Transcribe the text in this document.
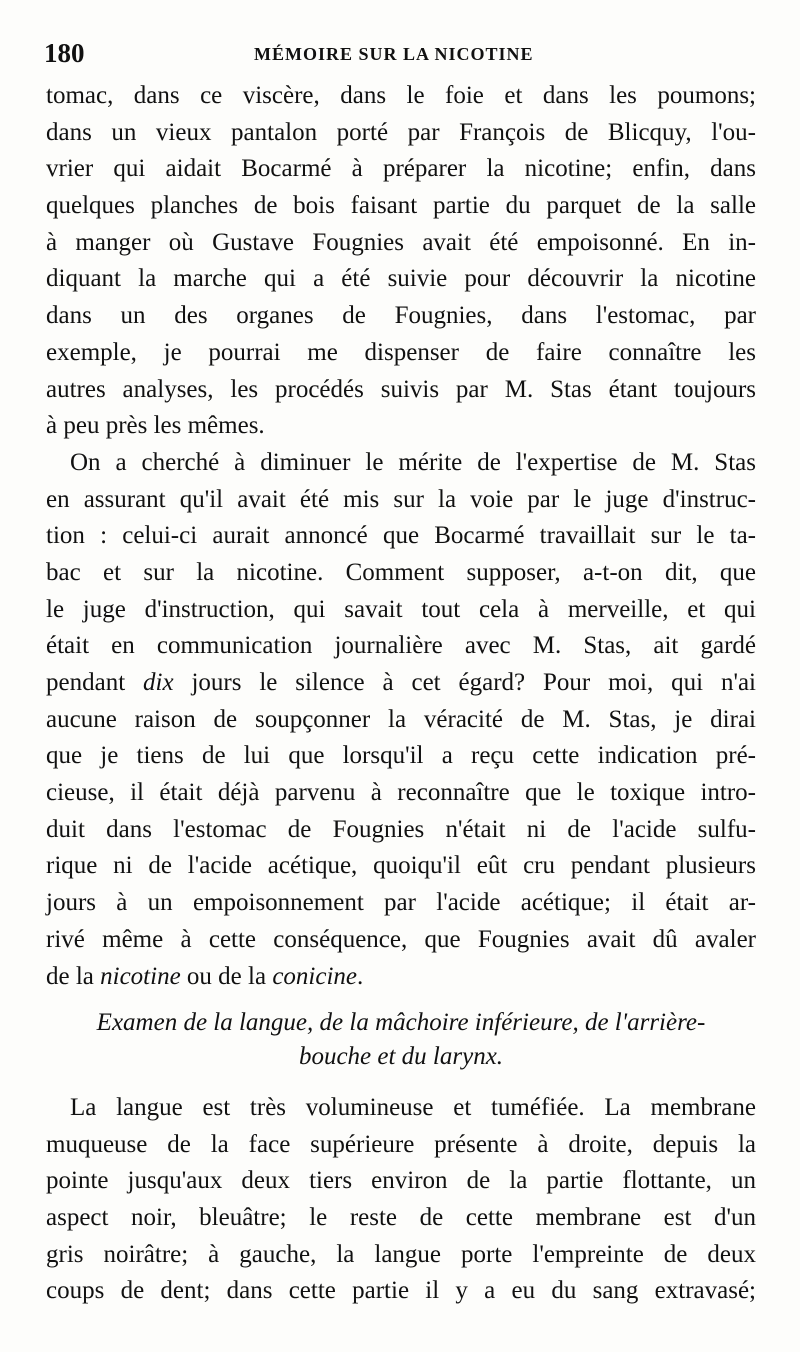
180	MÉMOIRE SUR LA NICOTINE
tomac, dans ce viscère, dans le foie et dans les poumons;
dans un vieux pantalon porté par François de Blicquy, l'ou-
vrier qui aidait Bocarmé à préparer la nicotine; enfin, dans
quelques planches de bois faisant partie du parquet de la salle
à manger où Gustave Fougnies avait été empoisonné. En in-
diquant la marche qui a été suivie pour découvrir la nicotine
dans un des organes de Fougnies, dans l'estomac, par
exemple, je pourrai me dispenser de faire connaître les
autres analyses, les procédés suivis par M. Stas étant toujours
à peu près les mêmes.
On a cherché à diminuer le mérite de l'expertise de M. Stas
en assurant qu'il avait été mis sur la voie par le juge d'instruc-
tion : celui-ci aurait annoncé que Bocarmé travaillait sur le ta-
bac et sur la nicotine. Comment supposer, a-t-on dit, que
le juge d'instruction, qui savait tout cela à merveille, et qui
était en communication journalière avec M. Stas, ait gardé
pendant dix jours le silence à cet égard? Pour moi, qui n'ai
aucune raison de soupçonner la véracité de M. Stas, je dirai
que je tiens de lui que lorsqu'il a reçu cette indication pré-
cieuse, il était déjà parvenu à reconnaître que le toxique intro-
duit dans l'estomac de Fougnies n'était ni de l'acide sulfu-
rique ni de l'acide acétique, quoiqu'il eût cru pendant plusieurs
jours à un empoisonnement par l'acide acétique; il était ar-
rivé même à cette conséquence, que Fougnies avait dû avaler
de la nicotine ou de la conicine.
Examen de la langue, de la mâchoire inférieure, de l'arrière-
bouche et du larynx.
La langue est très volumineuse et tuméfiée. La membrane
muqueuse de la face supérieure présente à droite, depuis la
pointe jusqu'aux deux tiers environ de la partie flottante, un
aspect noir, bleuâtre; le reste de cette membrane est d'un
gris noirâtre; à gauche, la langue porte l'empreinte de deux
coups de dent; dans cette partie il y a eu du sang extravasé;
